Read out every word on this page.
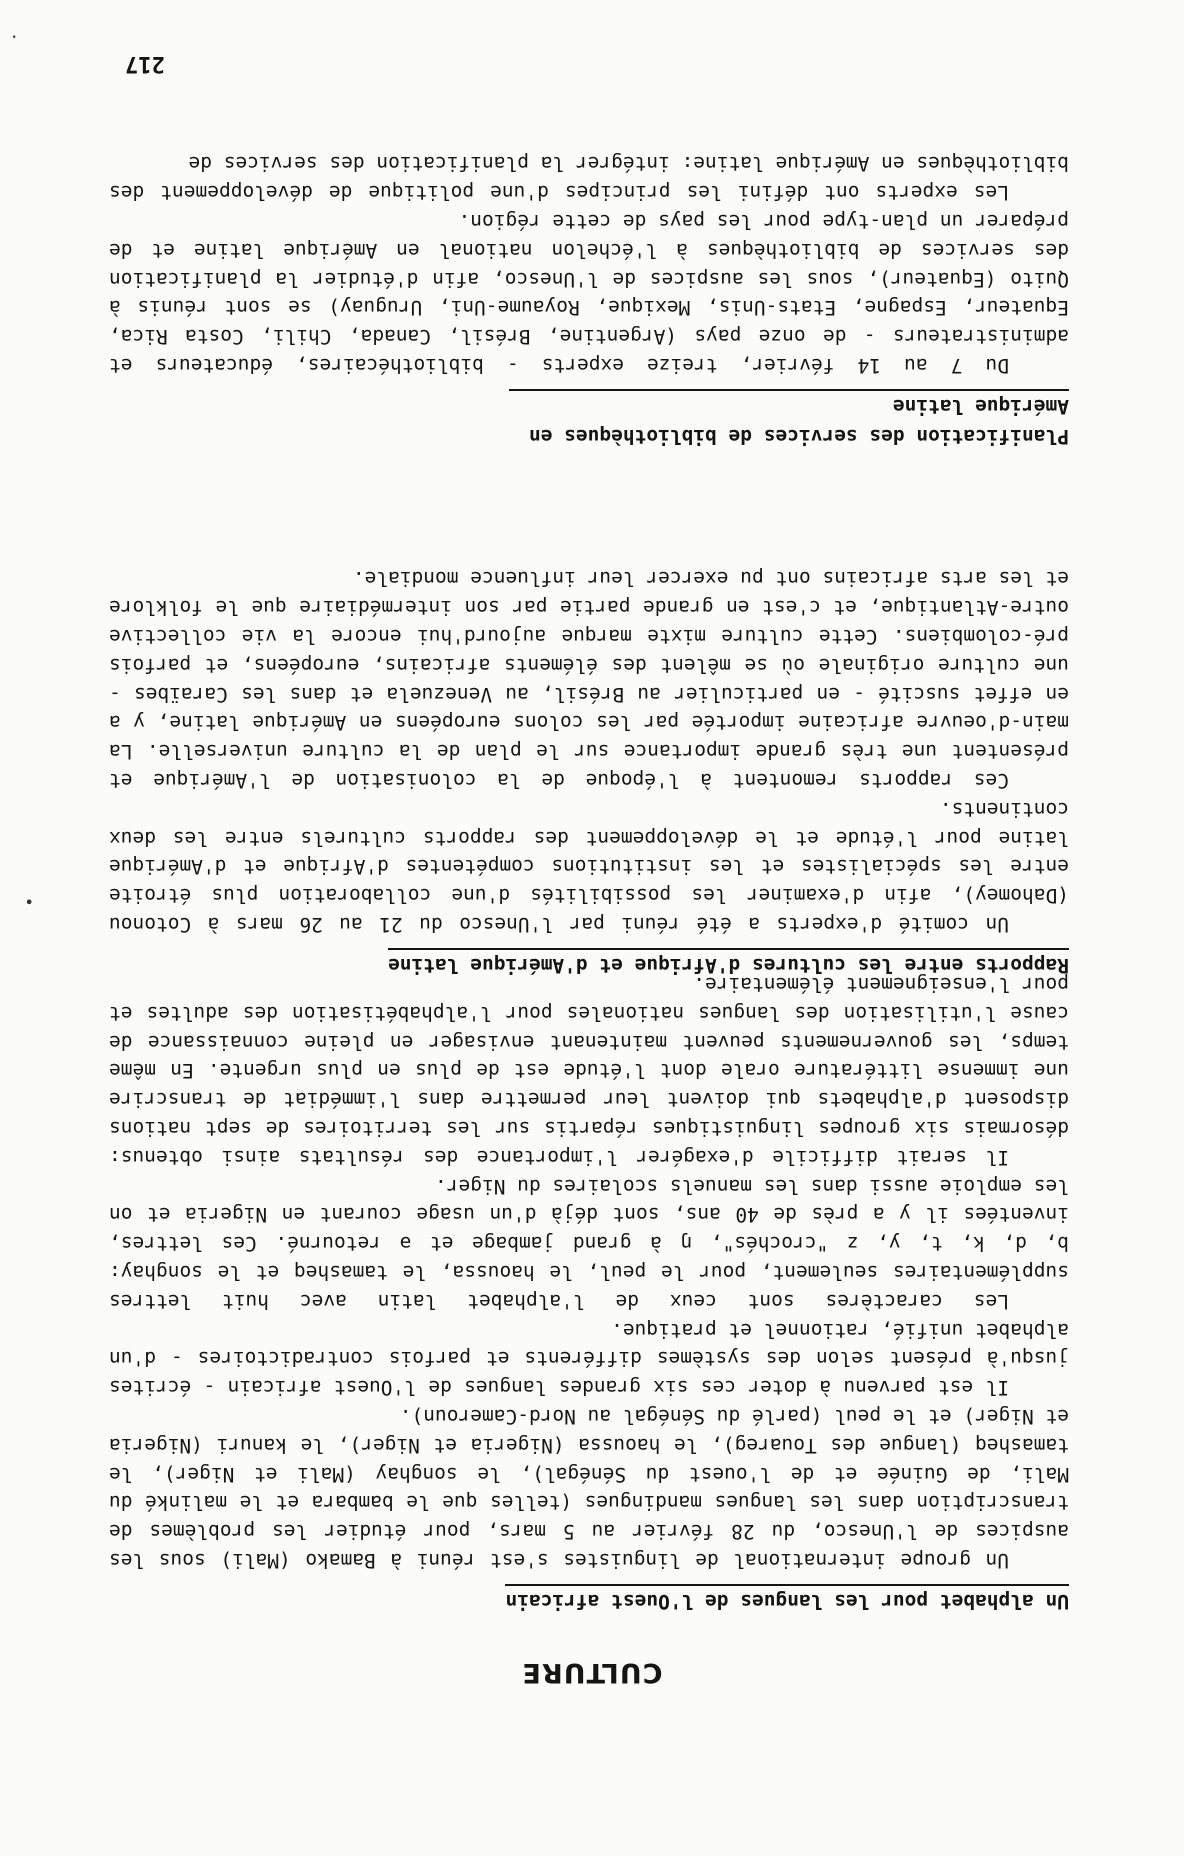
CULTURE
Un alphabet pour les langues de l'Ouest africain

Un groupe international de linguistes s'est réuni à Bamako (Mali) sous les auspices de l'Unesco, du 28 février au 5 mars, pour étudier les problèmes de transcription dans les langues mandingues (telles que le bambara et le malinké du Mali, de Guinée et de l'ouest du Sénégal), le songhay (Mali et Niger), le tamasheq (langue des Touareg), le haoussa (Nigeria et Niger), le kanuri (Nigeria et Niger) et le peul (parlé du Sénégal au Nord-Cameroun).

Il est parvenu à doter ces six grandes langues de l'Ouest africain - écrites jusqu'à présent selon des systèmes différents et parfois contradictoires - d'un alphabet unifié, rationnel et pratique.

Les caractères sont ceux de l'alphabet latin avec huit lettres supplémentaires seulement, pour le peul, le haoussa, le tamasheq et le songhay: b, d, k, t, y, z "crochés", ŋ à grand jambage et ǝ retourné. Ces lettres, inventées il y a près de 40 ans, sont déjà d'un usage courant en Nigeria et on les emploie aussi dans les manuels scolaires du Niger.

Il serait difficile d'exagérer l'importance des résultats ainsi obtenus: désormais six groupes linguistiques répartis sur les territoires de sept nations disposent d'alphabets qui doivent leur permettre dans l'immédiat de transcrire une immense littérature orale dont l'étude est de plus en plus urgente. En même temps, les gouvernements peuvent maintenant envisager en pleine connaissance de cause l'utilisation des langues nationales pour l'alphabétisation des adultes et pour l'enseignement élémentaire.

Rapports entre les cultures d'Afrique et d'Amérique latine

Un comité d'experts a été réuni par l'Unesco du 21 au 26 mars à Cotonou (Dahomey), afin d'examiner les possibilités d'une collaboration plus étroite entre les spécialistes et les institutions compétentes d'Afrique et d'Amérique latine pour l'étude et le développement des rapports culturels entre les deux continents.

Ces rapports remontent à l'époque de la colonisation de l'Amérique et présentent une très grande importance sur le plan de la culture universelle. La main-d'oeuvre africaine importée par les colons européens en Amérique latine, y a en effet suscité - en particulier au Brésil, au Venezuela et dans les Caraïbes - une culture originale où se mêlent des éléments africains, européens, et parfois pré-colombiens. Cette culture mixte marque aujourd'hui encore la vie collective outre-Atlantique, et c'est en grande partie par son intermédiaire que le folklore et les arts africains ont pu exercer leur influence mondiale.

Planification des services de bibliothèques en Amérique latine

Du 7 au 14 février, treize experts - bibliothécaires, éducateurs et administrateurs - de onze pays (Argentine, Brésil, Canada, Chili, Costa Rica, Equateur, Espagne, Etats-Unis, Mexique, Royaume-Uni, Uruguay) se sont réunis à Quito (Equateur), sous les auspices de l'Unesco, afin d'étudier la planification des services de bibliothèques à l'échelon national en Amérique latine et de préparer un plan-type pour les pays de cette région.

Les experts ont défini les principes d'une politique de développement des bibliothèques en Amérique latine: intégrer la planification des services de

217
•
·
